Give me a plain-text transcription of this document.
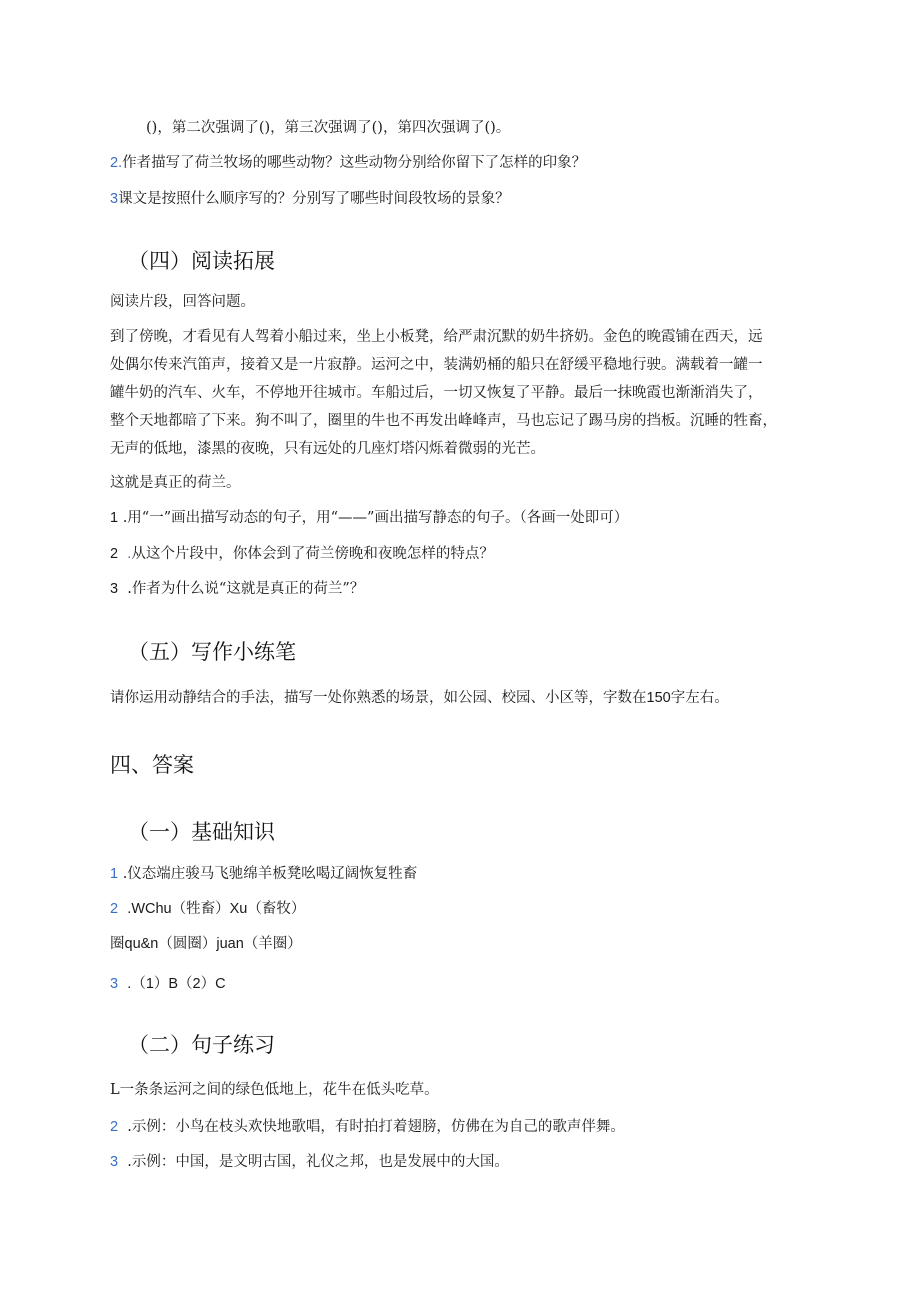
()，第二次强调了()，第三次强调了()，第四次强调了()。
2.作者描写了荷兰牧场的哪些动物？这些动物分别给你留下了怎样的印象？
3课文是按照什么顺序写的？分别写了哪些时间段牧场的景象？
（四）阅读拓展
阅读片段，回答问题。
到了傍晚，才看见有人驾着小船过来，坐上小板凳，给严肃沉默的奶牛挤奶。金色的晚霞铺在西天，远
处偶尔传来汽笛声，接着又是一片寂静。运河之中，装满奶桶的船只在舒缓平稳地行驶。满载着一罐一
罐牛奶的汽车、火车，不停地开往城市。车船过后，一切又恢复了平静。最后一抹晚霞也渐渐消失了，
整个天地都暗了下来。狗不叫了，圈里的牛也不再发出峰峰声，马也忘记了踢马房的挡板。沉睡的牲畜，
无声的低地，漆黑的夜晚，只有远处的几座灯塔闪烁着微弱的光芒。
这就是真正的荷兰。
1 .用“一”画出描写动态的句子，用“——”画出描写静态的句子。（各画一处即可）
2 .从这个片段中，你体会到了荷兰傍晚和夜晚怎样的特点？
3 .作者为什么说“这就是真正的荷兰”？
（五）写作小练笔
请你运用动静结合的手法，描写一处你熟悉的场景，如公园、校园、小区等，字数在150字左右。
四、答案
（一）基础知识
1 .仪态端庄骏马飞驰绵羊板凳吆喝辽阔恢复牲畜
2 .WChu（牲畜）Xu（畜牧）
圈qu&n（圆圈）juan（羊圈）
3 .（1）B（2）C
（二）句子练习
L一条条运河之间的绿色低地上，花牛在低头吃草。
2 .示例：小鸟在枝头欢快地歌唱，有时拍打着翅膀，仿佛在为自己的歌声伴舞。
3 .示例：中国，是文明古国，礼仪之邦，也是发展中的大国。
